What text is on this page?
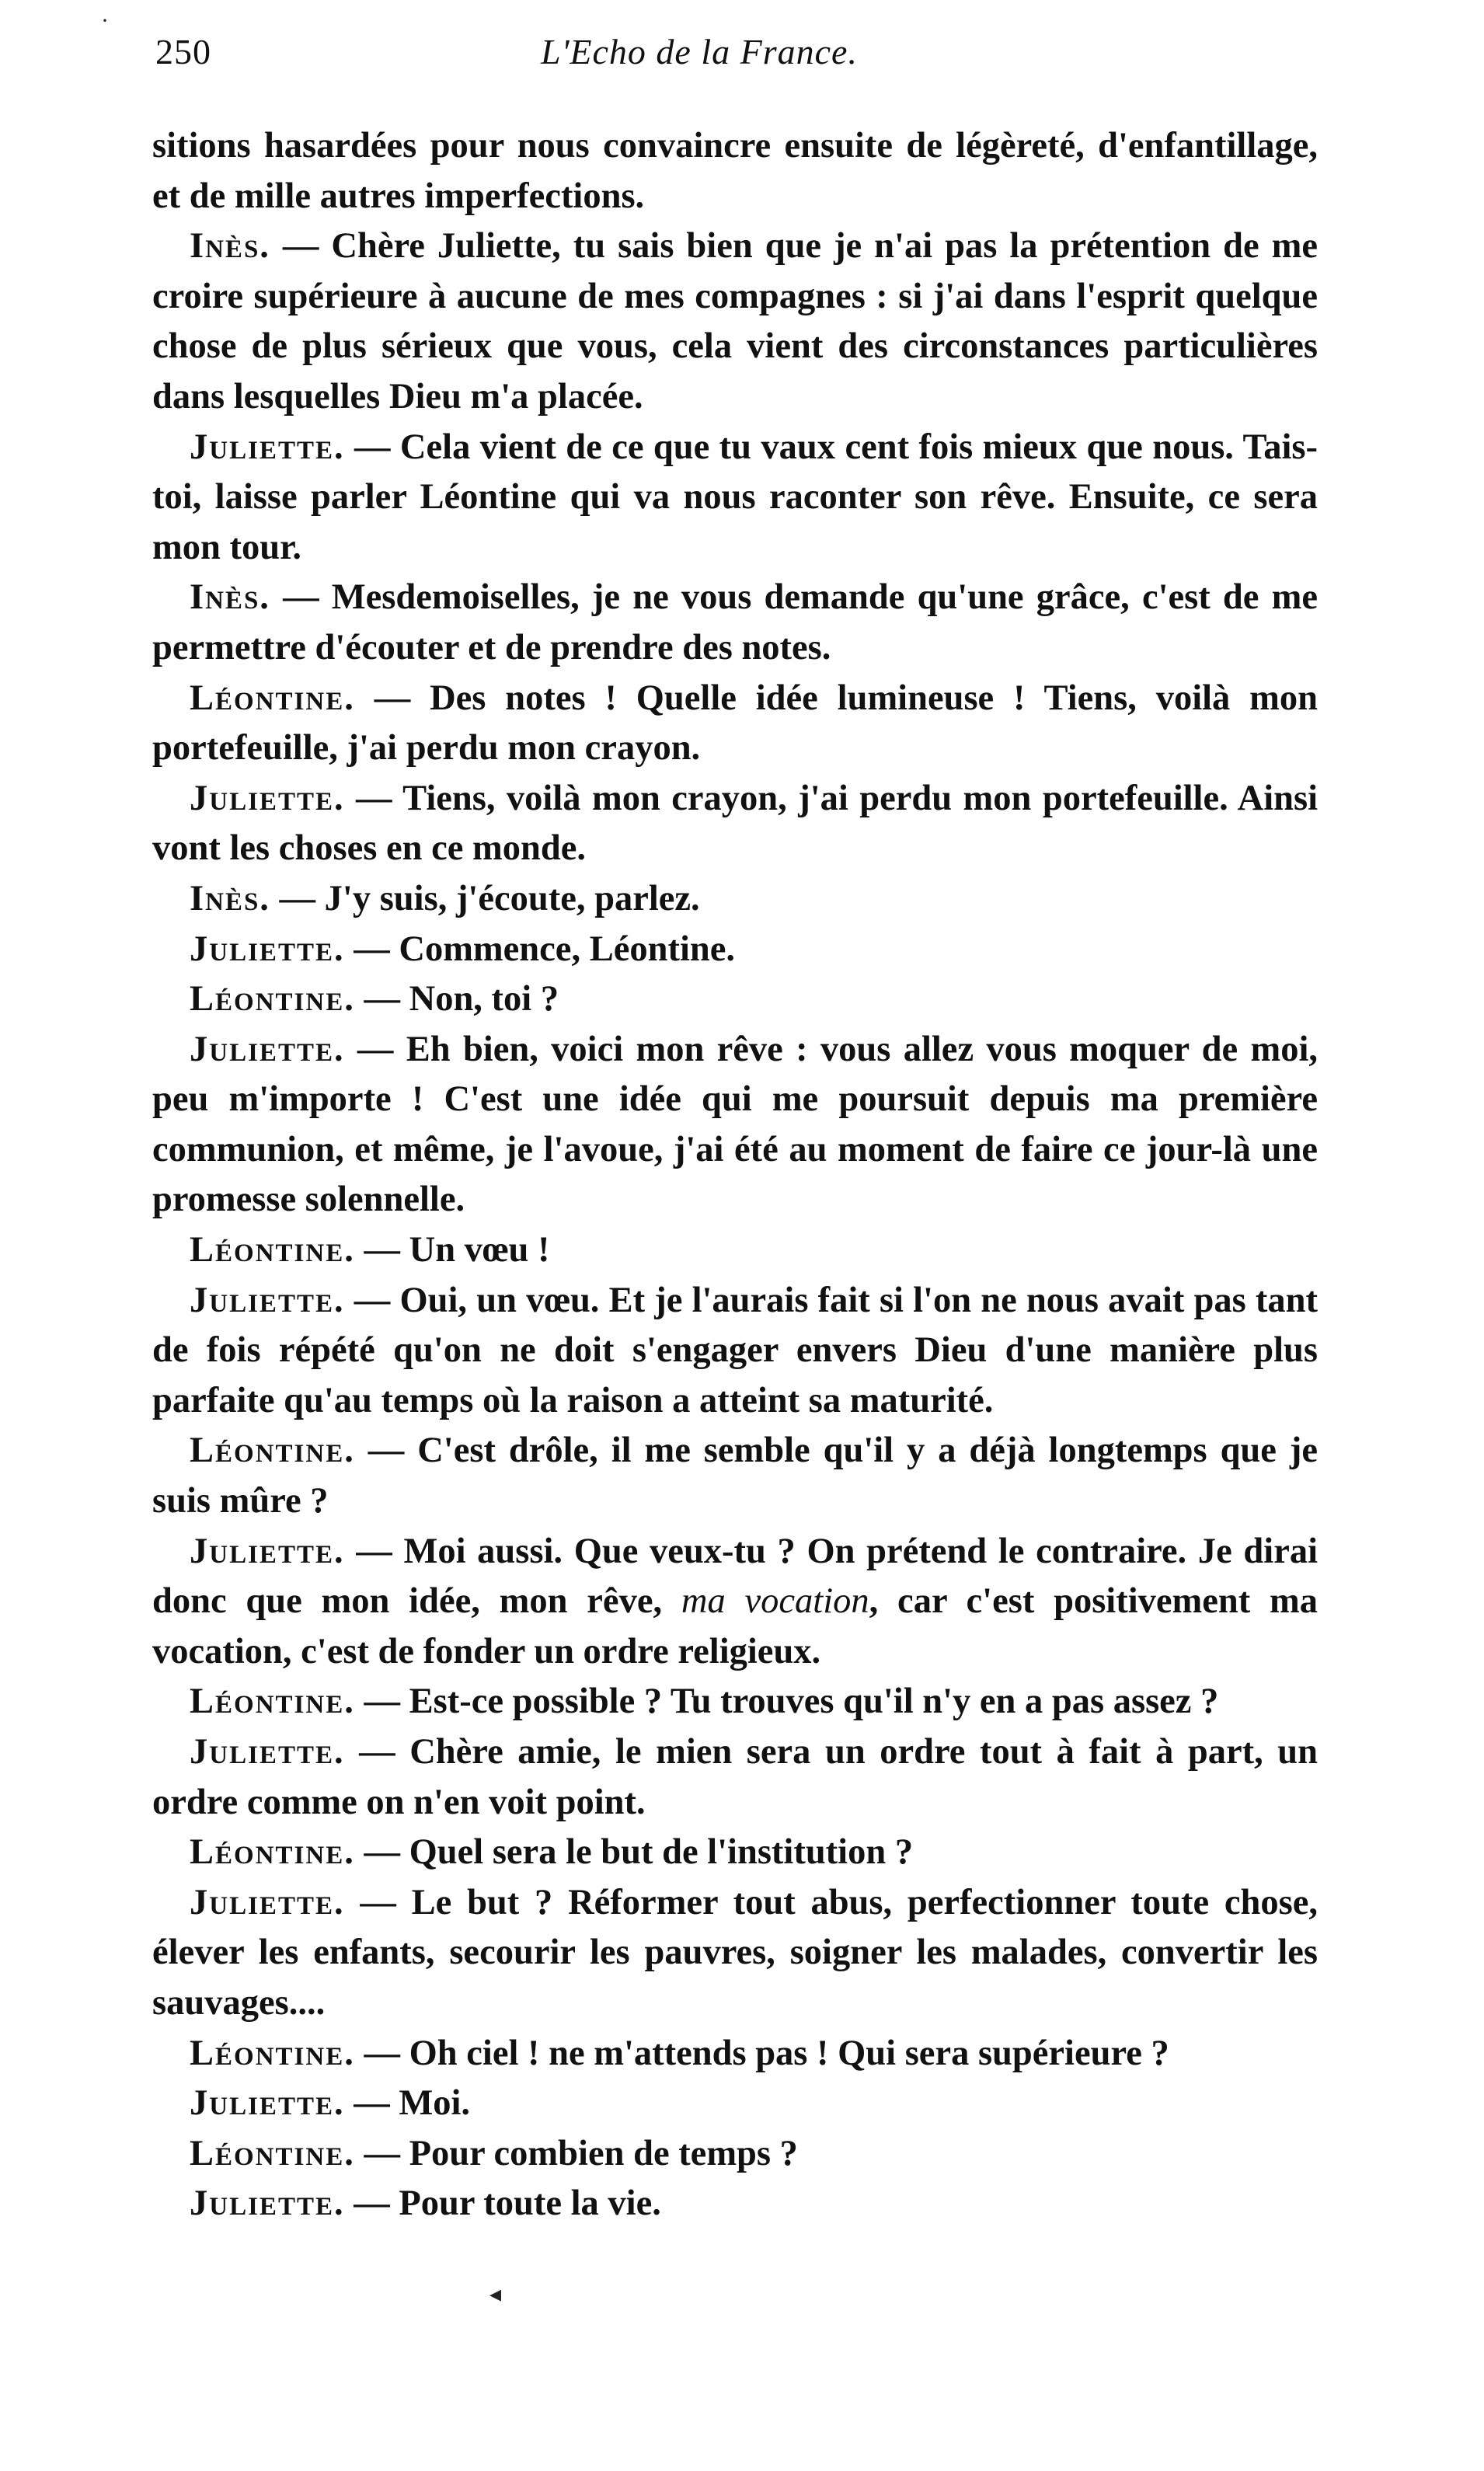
250	L'Echo de la France.

sitions hasardées pour nous convaincre ensuite de légèreté, d'enfantillage, et de mille autres imperfections.

Inès. — Chère Juliette, tu sais bien que je n'ai pas la prétention de me croire supérieure à aucune de mes compagnes : si j'ai dans l'esprit quelque chose de plus sérieux que vous, cela vient des circonstances particulières dans lesquelles Dieu m'a placée.

Juliette. — Cela vient de ce que tu vaux cent fois mieux que nous. Tais-toi, laisse parler Léontine qui va nous raconter son rêve. Ensuite, ce sera mon tour.

Inès. — Mesdemoiselles, je ne vous demande qu'une grâce, c'est de me permettre d'écouter et de prendre des notes.

Léontine. — Des notes ! Quelle idée lumineuse ! Tiens, voilà mon portefeuille, j'ai perdu mon crayon.

Juliette. — Tiens, voilà mon crayon, j'ai perdu mon portefeuille. Ainsi vont les choses en ce monde.

Inès. — J'y suis, j'écoute, parlez.

Juliette. — Commence, Léontine.

Léontine. — Non, toi ?

Juliette. — Eh bien, voici mon rêve : vous allez vous moquer de moi, peu m'importe ! C'est une idée qui me poursuit depuis ma première communion, et même, je l'avoue, j'ai été au moment de faire ce jour-là une promesse solennelle.

Léontine. — Un vœu !

Juliette. — Oui, un vœu. Et je l'aurais fait si l'on ne nous avait pas tant de fois répété qu'on ne doit s'engager envers Dieu d'une manière plus parfaite qu'au temps où la raison a atteint sa maturité.

Léontine. — C'est drôle, il me semble qu'il y a déjà longtemps que je suis mûre ?

Juliette. — Moi aussi. Que veux-tu ? On prétend le contraire. Je dirai donc que mon idée, mon rêve, ma vocation, car c'est positivement ma vocation, c'est de fonder un ordre religieux.

Léontine. — Est-ce possible ? Tu trouves qu'il n'y en a pas assez ?

Juliette. — Chère amie, le mien sera un ordre tout à fait à part, un ordre comme on n'en voit point.

Léontine. — Quel sera le but de l'institution ?

Juliette. — Le but ? Réformer tout abus, perfectionner toute chose, élever les enfants, secourir les pauvres, soigner les malades, convertir les sauvages....

Léontine. — Oh ciel ! ne m'attends pas ! Qui sera supérieure ?

Juliette. — Moi.

Léontine. — Pour combien de temps ?

Juliette. — Pour toute la vie.

·
◂
